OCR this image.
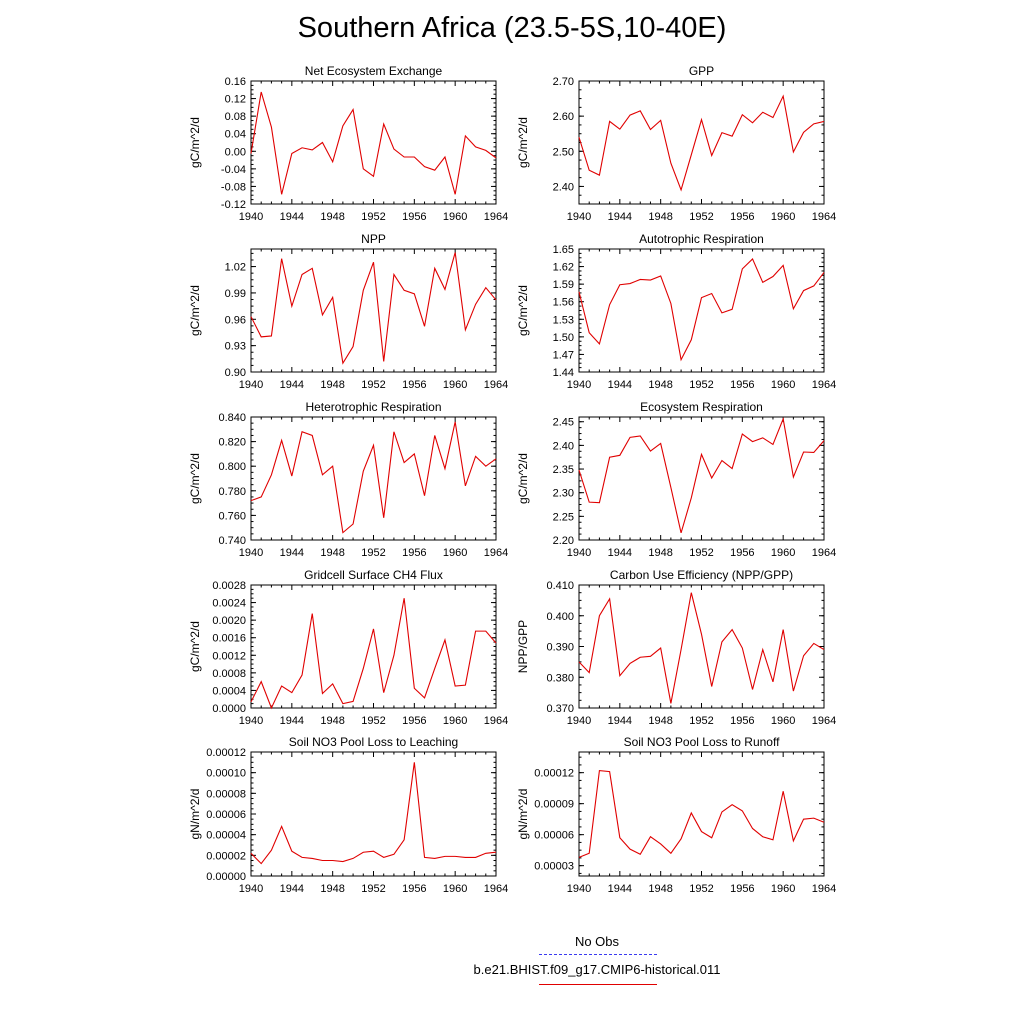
Southern Africa (23.5-5S,10-40E)
Net Ecosystem Exchange
gC/m^2/d
1940 1944 1948 1952 1956 1960 1964
-0.12
-0.08
-0.04
0.00
0.04
0.08
0.12
0.16
GPP
gC/m^2/d
1940 1944 1948 1952 1956 1960 1964
2.40
2.50
2.60
2.70
NPP
gC/m^2/d
1940 1944 1948 1952 1956 1960 1964
0.90
0.93
0.96
0.99
1.02
Autotrophic Respiration
gC/m^2/d
1940 1944 1948 1952 1956 1960 1964
1.44
1.47
1.50
1.53
1.56
1.59
1.62
1.65
Heterotrophic Respiration
gC/m^2/d
1940 1944 1948 1952 1956 1960 1964
0.740
0.760
0.780
0.800
0.820
0.840
Ecosystem Respiration
gC/m^2/d
1940 1944 1948 1952 1956 1960 1964
2.20
2.25
2.30
2.35
2.40
2.45
Gridcell Surface CH4 Flux
gC/m^2/d
1940 1944 1948 1952 1956 1960 1964
0.0000
0.0004
0.0008
0.0012
0.0016
0.0020
0.0024
0.0028
Carbon Use Efficiency (NPP/GPP)
NPP/GPP
1940 1944 1948 1952 1956 1960 1964
0.370
0.380
0.390
0.400
0.410
Soil NO3 Pool Loss to Leaching
gN/m^2/d
1940 1944 1948 1952 1956 1960 1964
0.00000
0.00002
0.00004
0.00006
0.00008
0.00010
0.00012
Soil NO3 Pool Loss to Runoff
gN/m^2/d
1940 1944 1948 1952 1956 1960 1964
0.00003
0.00006
0.00009
0.00012
No Obs
b.e21.BHIST.f09_g17.CMIP6-historical.011
